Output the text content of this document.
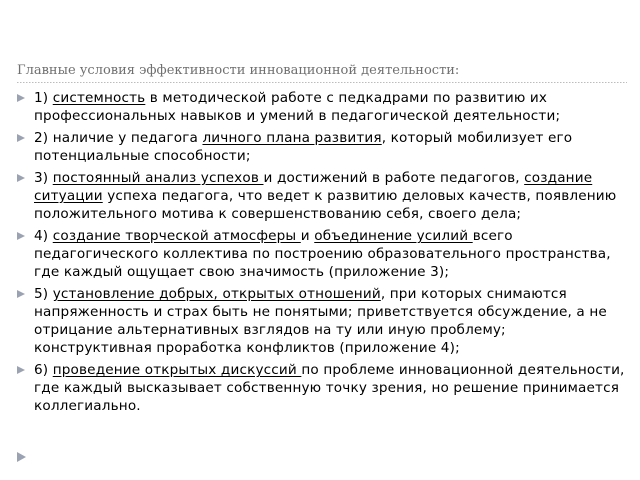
Главные условия эффективности инновационной деятельности:
1) системность в методической работе с педкадрами по развитию их профессиональных навыков и умений в педагогической деятельности;
2) наличие у педагога личного плана развития, который мобилизует его потенциальные способности;
3) постоянный анализ успехов и достижений в работе педагогов, создание ситуации успеха педагога, что ведет к развитию деловых качеств, появлению положительного мотива к совершенствованию себя, своего дела;
4) создание творческой атмосферы и объединение усилий всего педагогического коллектива по построению образовательного пространства, где каждый ощущает свою значимость (приложение 3);
5) установление добрых, открытых отношений, при которых снимаются напряженность и страх быть не понятыми; приветствуется обсуждение, а не отрицание альтернативных взглядов на ту или иную проблему; конструктивная проработка конфликтов (приложение 4);
6) проведение открытых дискуссий по проблеме инновационной деятельности, где каждый высказывает собственную точку зрения, но решение принимается коллегиально.
